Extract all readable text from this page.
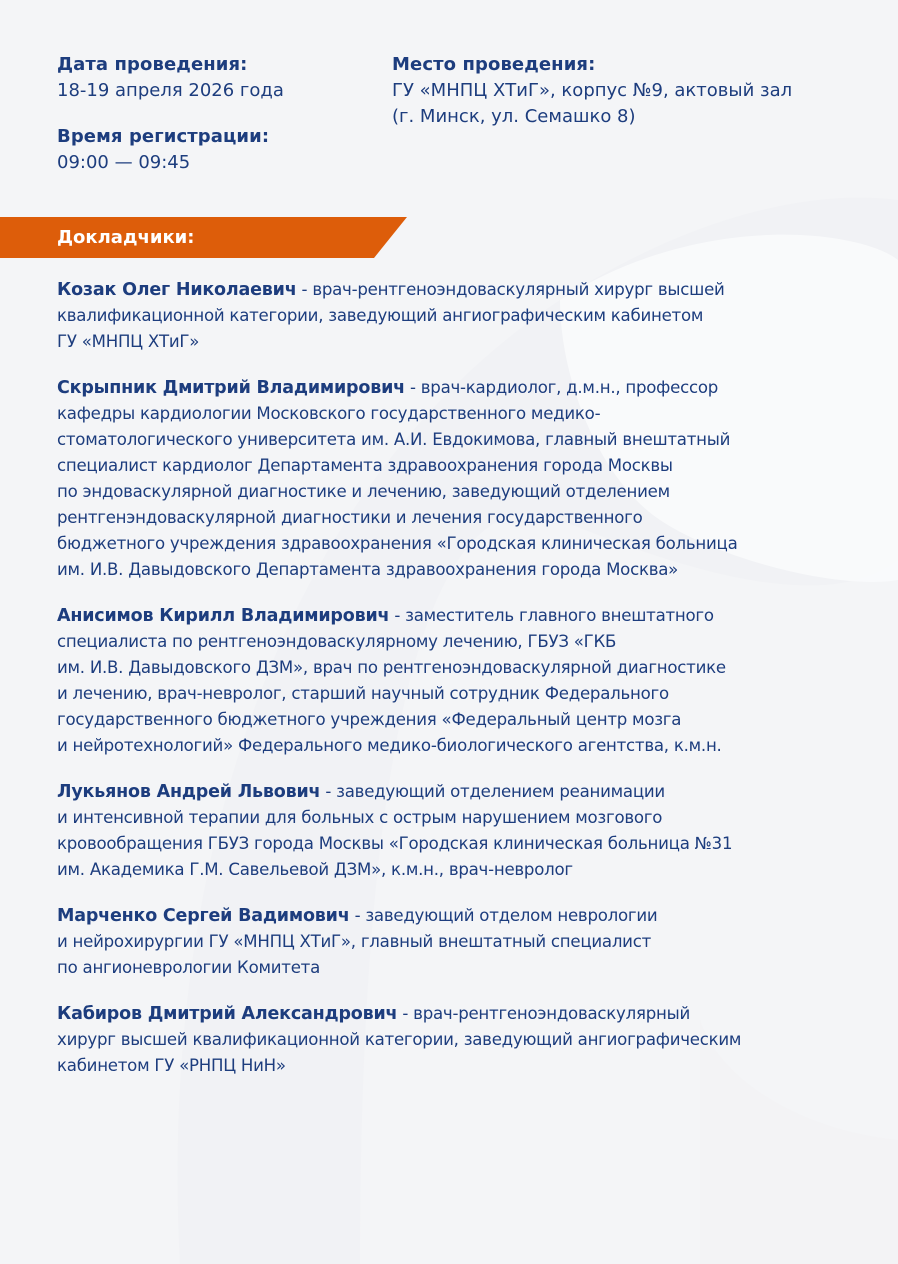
Дата проведения:
18-19 апреля 2026 года
Время регистрации:
09:00 — 09:45
Место проведения:
ГУ «МНПЦ ХТиГ», корпус №9, актовый зал
(г. Минск, ул. Семашко 8)
Докладчики:
Козак Олег Николаевич - врач-рентгеноэндоваскулярный хирург высшей
квалификационной категории, заведующий ангиографическим кабинетом
ГУ «МНПЦ ХТиГ»
Скрыпник Дмитрий Владимирович - врач-кардиолог, д.м.н., профессор
кафедры кардиологии Московского государственного медико-
стоматологического университета им. А.И. Евдокимова, главный внештатный
специалист кардиолог Департамента здравоохранения города Москвы
по эндоваскулярной диагностике и лечению, заведующий отделением
рентгенэндоваскулярной диагностики и лечения государственного
бюджетного учреждения здравоохранения «Городская клиническая больница
им. И.В. Давыдовского Департамента здравоохранения города Москва»
Анисимов Кирилл Владимирович - заместитель главного внештатного
специалиста по рентгеноэндоваскулярному лечению, ГБУЗ «ГКБ
им. И.В. Давыдовского ДЗМ», врач по рентгеноэндоваскулярной диагностике
и лечению, врач-невролог, старший научный сотрудник Федерального
государственного бюджетного учреждения «Федеральный центр мозга
и нейротехнологий» Федерального медико-биологического агентства, к.м.н.
Лукьянов Андрей Львович - заведующий отделением реанимации
и интенсивной терапии для больных с острым нарушением мозгового
кровообращения ГБУЗ города Москвы «Городская клиническая больница №31
им. Академика Г.М. Савельевой ДЗМ», к.м.н., врач-невролог
Марченко Сергей Вадимович - заведующий отделом неврологии
и нейрохирургии ГУ «МНПЦ ХТиГ», главный внештатный специалист
по ангионеврологии Комитета
Кабиров Дмитрий Александрович - врач-рентгеноэндоваскулярный
хирург высшей квалификационной категории, заведующий ангиографическим
кабинетом ГУ «РНПЦ НиН»
